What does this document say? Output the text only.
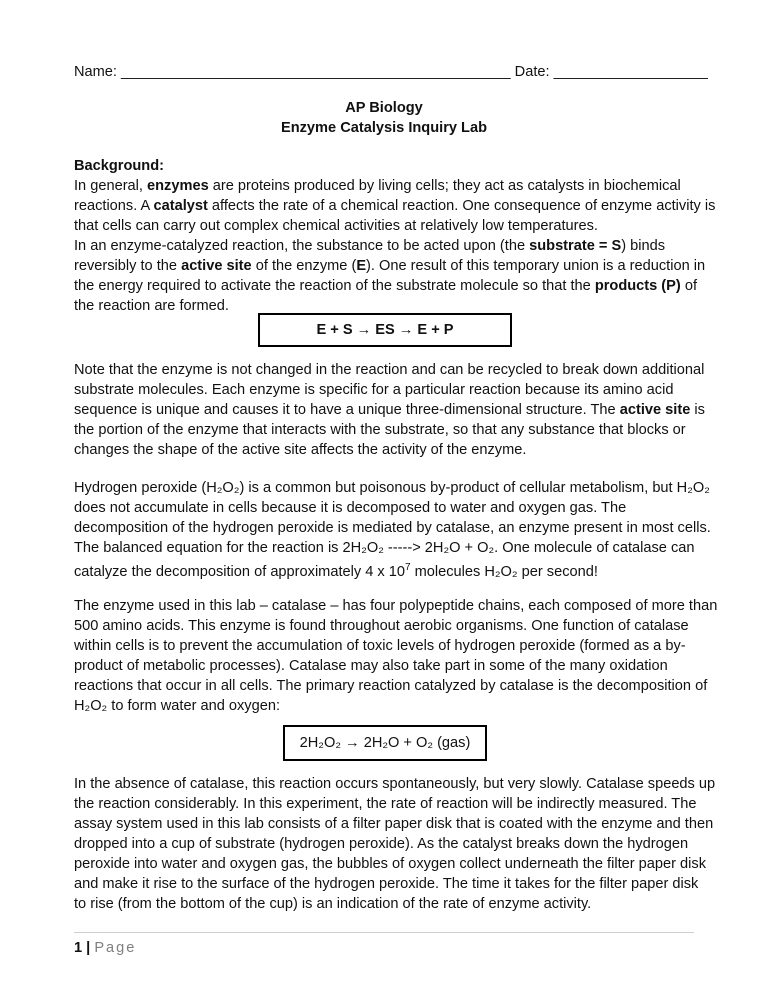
Name: ________________________________________________ Date: ___________________
AP Biology
Enzyme Catalysis Inquiry Lab
Background:
In general, enzymes are proteins produced by living cells; they act as catalysts in biochemical
reactions. A catalyst affects the rate of a chemical reaction. One consequence of enzyme activity is
that cells can carry out complex chemical activities at relatively low temperatures.
In an enzyme-catalyzed reaction, the substance to be acted upon (the substrate = S) binds
reversibly to the active site of the enzyme (E). One result of this temporary union is a reduction in
the energy required to activate the reaction of the substrate molecule so that the products (P) of
the reaction are formed.
E + S → ES → E + P
Note that the enzyme is not changed in the reaction and can be recycled to break down additional
substrate molecules. Each enzyme is specific for a particular reaction because its amino acid
sequence is unique and causes it to have a unique three-dimensional structure. The active site is
the portion of the enzyme that interacts with the substrate, so that any substance that blocks or
changes the shape of the active site affects the activity of the enzyme.
Hydrogen peroxide (H₂O₂) is a common but poisonous by-product of cellular metabolism, but H₂O₂
does not accumulate in cells because it is decomposed to water and oxygen gas. The
decomposition of the hydrogen peroxide is mediated by catalase, an enzyme present in most cells.
The balanced equation for the reaction is 2H₂O₂ -----> 2H₂O + O₂. One molecule of catalase can
catalyze the decomposition of approximately 4 x $10^7$ molecules H₂O₂ per second!
The enzyme used in this lab – catalase – has four polypeptide chains, each composed of more than
500 amino acids. This enzyme is found throughout aerobic organisms. One function of catalase
within cells is to prevent the accumulation of toxic levels of hydrogen peroxide (formed as a by-
product of metabolic processes). Catalase may also take part in some of the many oxidation
reactions that occur in all cells. The primary reaction catalyzed by catalase is the decomposition of
H₂O₂ to form water and oxygen:
2H₂O₂ → 2H₂O + O₂ (gas)
In the absence of catalase, this reaction occurs spontaneously, but very slowly. Catalase speeds up
the reaction considerably. In this experiment, the rate of reaction will be indirectly measured. The
assay system used in this lab consists of a filter paper disk that is coated with the enzyme and then
dropped into a cup of substrate (hydrogen peroxide). As the catalyst breaks down the hydrogen
peroxide into water and oxygen gas, the bubbles of oxygen collect underneath the filter paper disk
and make it rise to the surface of the hydrogen peroxide. The time it takes for the filter paper disk
to rise (from the bottom of the cup) is an indication of the rate of enzyme activity.
1 | Page
